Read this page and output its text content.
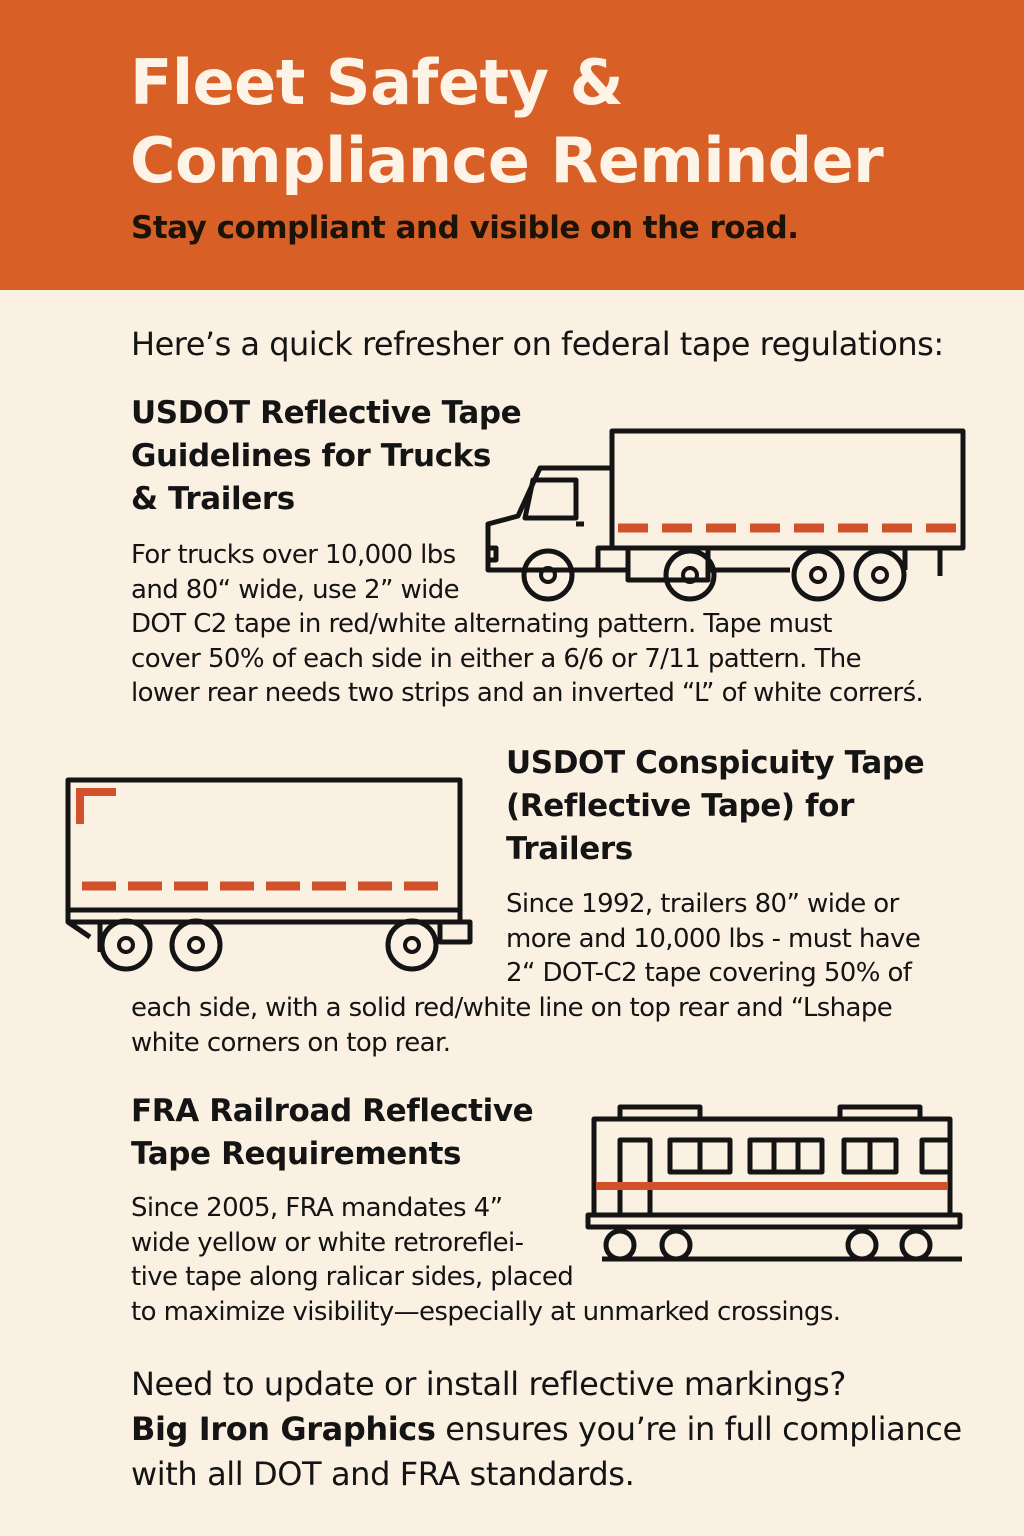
Fleet Safety &
Compliance Reminder

Stay compliant and visible on the road.

Here’s a quick refresher on federal tape regulations:

USDOT Reflective Tape
Guidelines for Trucks
& Trailers
For trucks over 10,000 lbs
and 80“ wide, use 2” wide
DOT C2 tape in red/white alternating pattern. Tape must
cover 50% of each side in either a 6/6 or 7/11 pattern. The
lower rear needs two strips and an inverted “L” of white correrś.
USDOT Conspicuity Tape
(Reflective Tape) for
Trailers
Since 1992, trailers 80” wide or
more and 10,000 lbs - must have
2“ DOT-C2 tape covering 50% of
each side, with a solid red/white line on top rear and “Lshape
white corners on top rear.
FRA Railroad Reflective
Tape Requirements
Since 2005, FRA mandates 4”
wide yellow or white retroreflei-
tive tape along ralicar sides, placed
to maximize visibility—especially at unmarked crossings.
Need to update or install reflective markings?
Big Iron Graphics ensures you’re in full compliance
with all DOT and FRA standards.
